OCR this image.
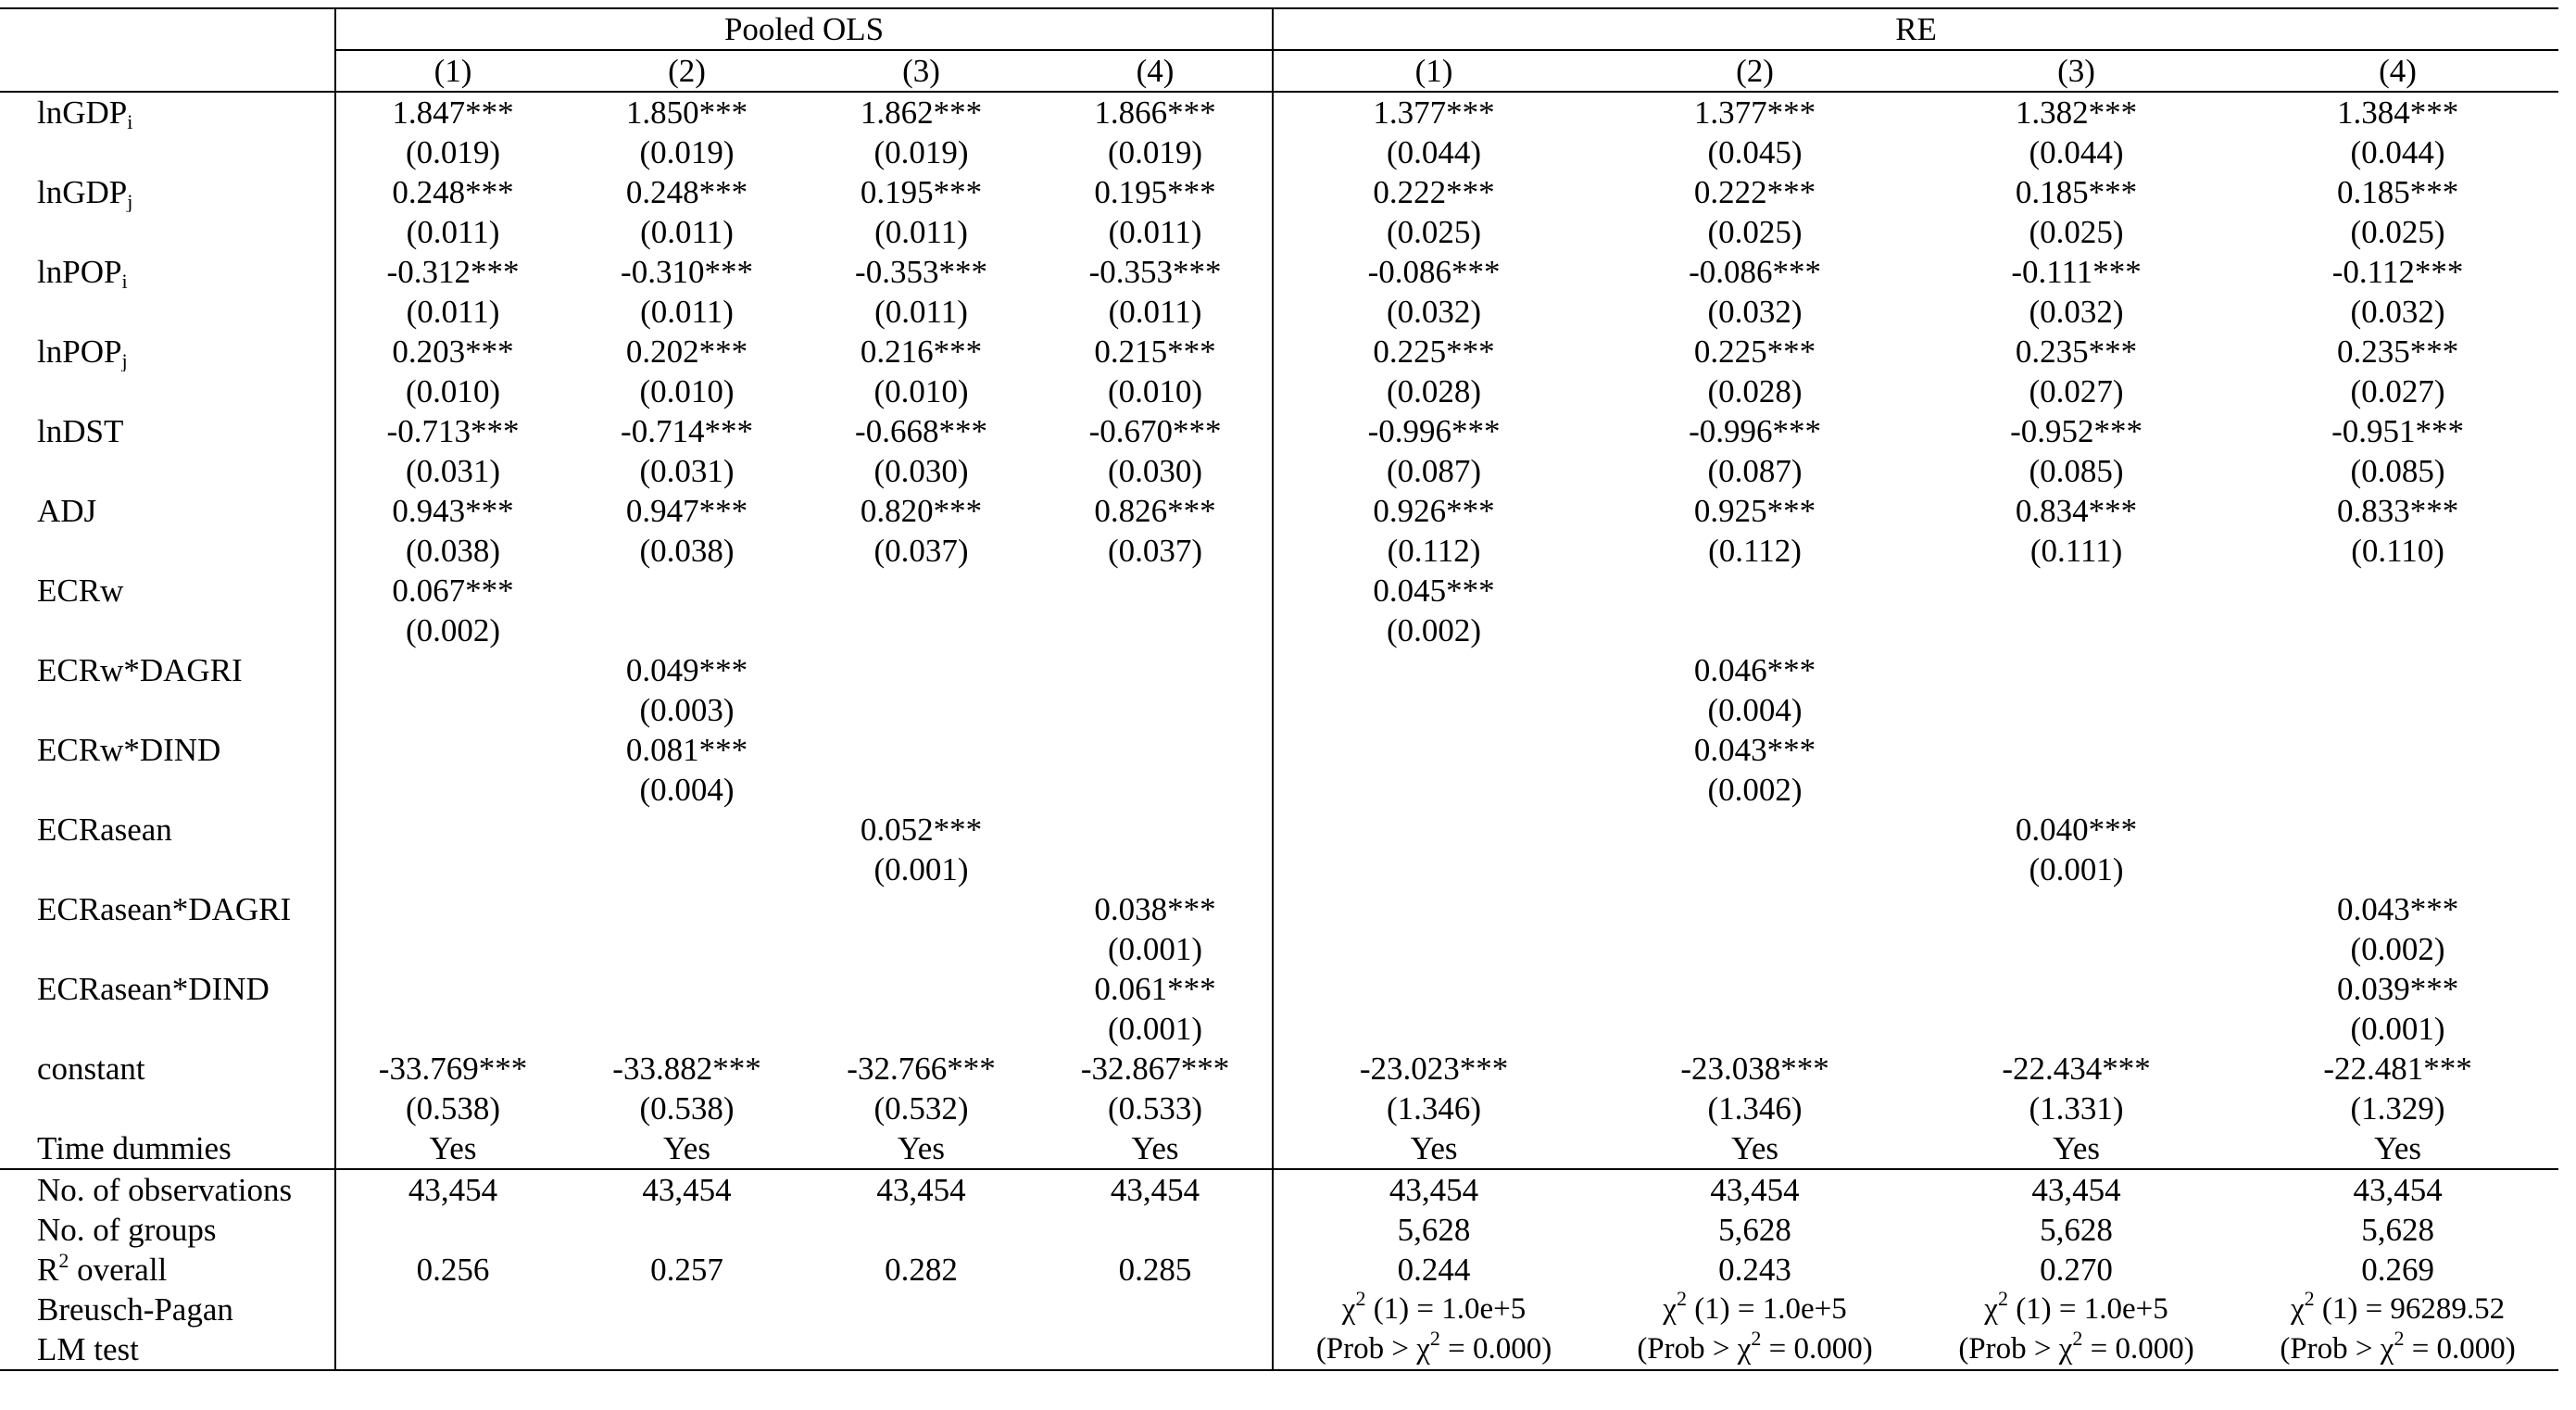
	Pooled OLS				RE			
	(1)	(2)	(3)	(4)	(1)	(2)	(3)	(4)
lnGDP$_i$	1.847***	1.850***	1.862***	1.866***	1.377***	1.377***	1.382***	1.384***
	(0.019)	(0.019)	(0.019)	(0.019)	(0.044)	(0.045)	(0.044)	(0.044)
lnGDP$_j$	0.248***	0.248***	0.195***	0.195***	0.222***	0.222***	0.185***	0.185***
	(0.011)	(0.011)	(0.011)	(0.011)	(0.025)	(0.025)	(0.025)	(0.025)
lnPOP$_i$	-0.312***	-0.310***	-0.353***	-0.353***	-0.086***	-0.086***	-0.111***	-0.112***
	(0.011)	(0.011)	(0.011)	(0.011)	(0.032)	(0.032)	(0.032)	(0.032)
lnPOP$_j$	0.203***	0.202***	0.216***	0.215***	0.225***	0.225***	0.235***	0.235***
	(0.010)	(0.010)	(0.010)	(0.010)	(0.028)	(0.028)	(0.027)	(0.027)
lnDST	-0.713***	-0.714***	-0.668***	-0.670***	-0.996***	-0.996***	-0.952***	-0.951***
	(0.031)	(0.031)	(0.030)	(0.030)	(0.087)	(0.087)	(0.085)	(0.085)
ADJ	0.943***	0.947***	0.820***	0.826***	0.926***	0.925***	0.834***	0.833***
	(0.038)	(0.038)	(0.037)	(0.037)	(0.112)	(0.112)	(0.111)	(0.110)
ECRw	0.067***				0.045***			
	(0.002)				(0.002)			
ECRw*DAGRI		0.049***				0.046***		
		(0.003)				(0.004)		
ECRw*DIND		0.081***				0.043***		
		(0.004)				(0.002)		
ECRasean			0.052***				0.040***	
			(0.001)				(0.001)	
ECRasean*DAGRI				0.038***				0.043***
				(0.001)				(0.002)
ECRasean*DIND				0.061***				0.039***
				(0.001)				(0.001)
constant	-33.769***	-33.882***	-32.766***	-32.867***	-23.023***	-23.038***	-22.434***	-22.481***
	(0.538)	(0.538)	(0.532)	(0.533)	(1.346)	(1.346)	(1.331)	(1.329)
Time dummies	Yes	Yes	Yes	Yes	Yes	Yes	Yes	Yes
No. of observations	43,454	43,454	43,454	43,454	43,454	43,454	43,454	43,454
No. of groups					5,628	5,628	5,628	5,628
$R^2$ overall	0.256	0.257	0.282	0.285	0.244	0.243	0.270	0.269
Breusch-Pagan					$\chi^2$ (1) = 1.0e+5	$\chi^2$ (1) = 1.0e+5	$\chi^2$ (1) = 1.0e+5	$\chi^2$ (1) = 96289.52
LM test					(Prob > $\chi^2 = 0.000$)	(Prob > $\chi^2 = 0.000$)	(Prob > $\chi^2 = 0.000$)	(Prob > $\chi^2 = 0.000$)
